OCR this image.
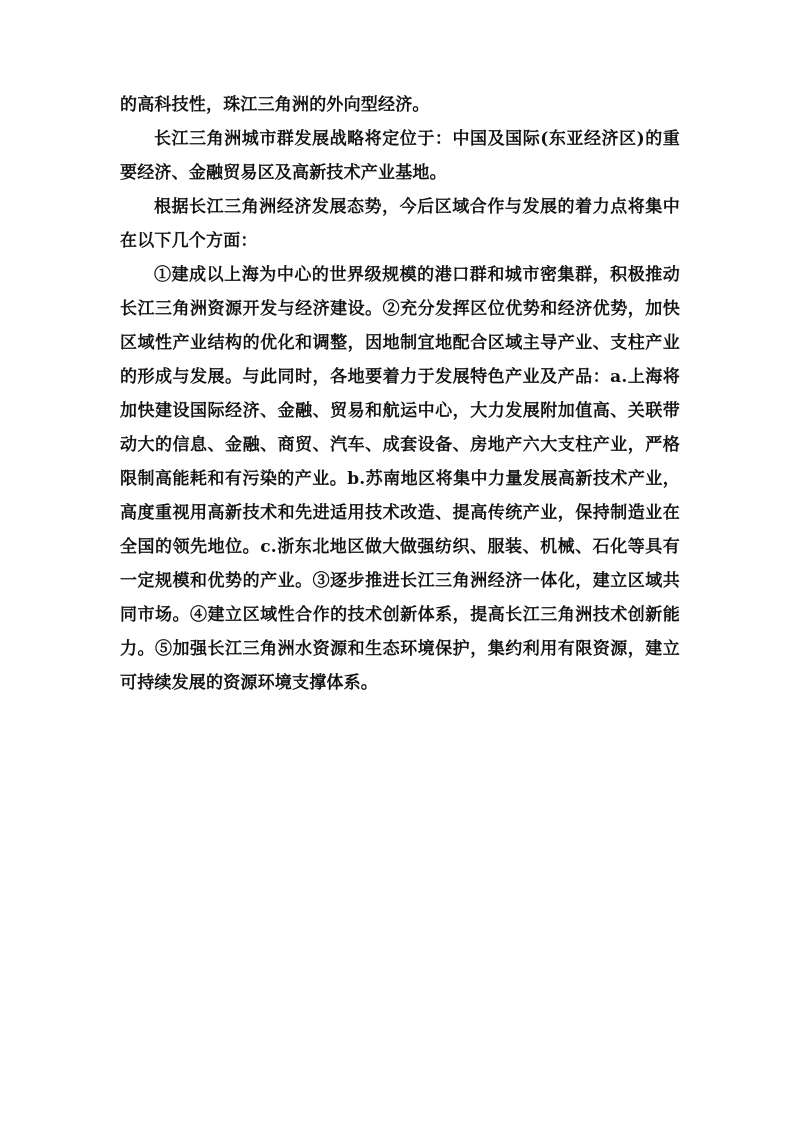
的高科技性，珠江三角洲的外向型经济。

长江三角洲城市群发展战略将定位于：中国及国际(东亚经济区)的重要经济、金融贸易区及高新技术产业基地。

根据长江三角洲经济发展态势，今后区域合作与发展的着力点将集中在以下几个方面：

①建成以上海为中心的世界级规模的港口群和城市密集群，积极推动长江三角洲资源开发与经济建设。②充分发挥区位优势和经济优势，加快区域性产业结构的优化和调整，因地制宜地配合区域主导产业、支柱产业的形成与发展。与此同时，各地要着力于发展特色产业及产品：a.上海将加快建设国际经济、金融、贸易和航运中心，大力发展附加值高、关联带动大的信息、金融、商贸、汽车、成套设备、房地产六大支柱产业，严格限制高能耗和有污染的产业。b.苏南地区将集中力量发展高新技术产业，高度重视用高新技术和先进适用技术改造、提高传统产业，保持制造业在全国的领先地位。c.浙东北地区做大做强纺织、服装、机械、石化等具有一定规模和优势的产业。③逐步推进长江三角洲经济一体化，建立区域共同市场。④建立区域性合作的技术创新体系，提高长江三角洲技术创新能力。⑤加强长江三角洲水资源和生态环境保护，集约利用有限资源，建立可持续发展的资源环境支撑体系。
